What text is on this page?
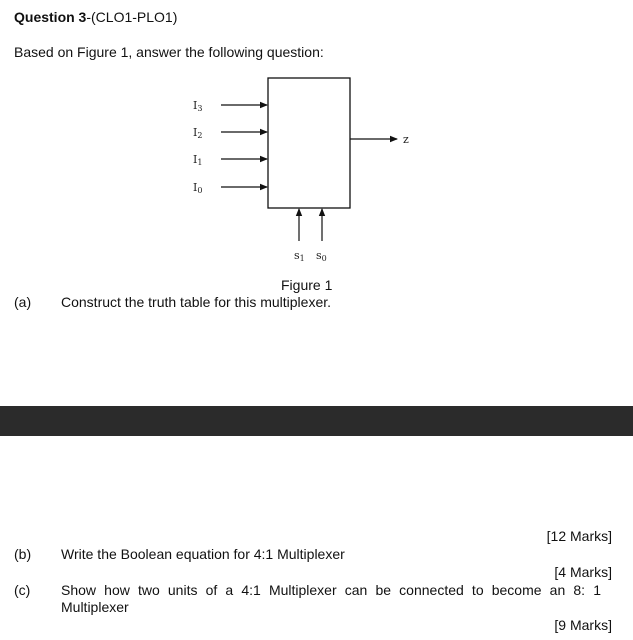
Question 3-(CLO1-PLO1)
Based on Figure 1, answer the following question:
I3
I2
I1
I0
z
s1 s0
Figure 1
(a) Construct the truth table for this multiplexer.
[12 Marks]
(b) Write the Boolean equation for 4:1 Multiplexer
[4 Marks]
(c) Show how two units of a 4:1 Multiplexer can be connected to become an 8: 1
Multiplexer
[9 Marks]
